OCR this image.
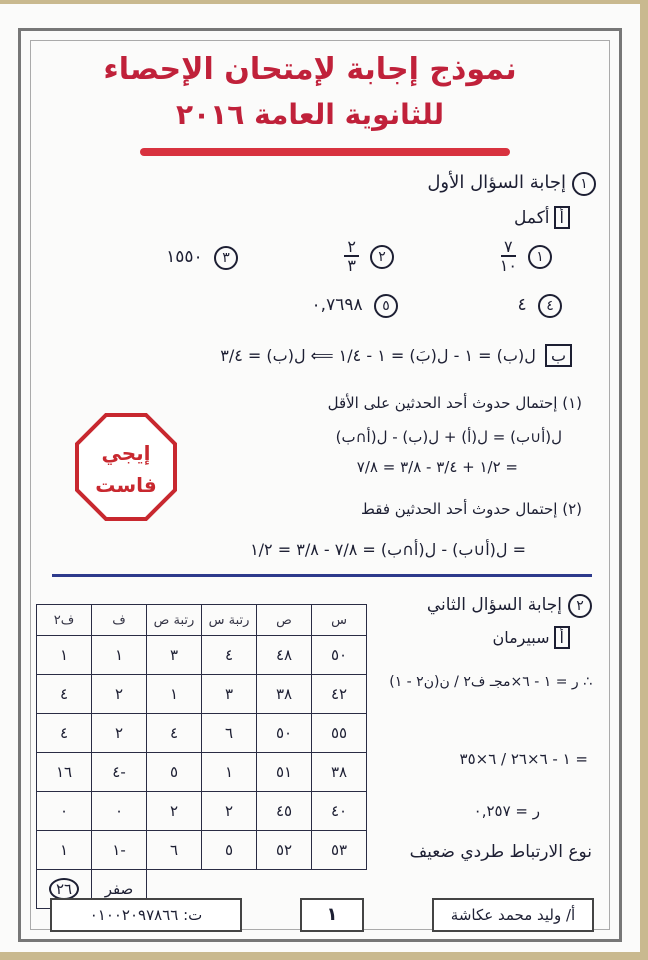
نموذج إجابة لإمتحان الإحصاء
للثانوية العامة ٢٠١٦
١إجابة السؤال الأول
أأكمل
١
$\frac{٧}{١٠}$
٢
$\frac{٢}{٣}$
٣ ١٥٥٠
٤ ٤
٥ ٠,٧٦٩٨
ب ل(ب) = ١ - ل(بَ) = ١ - ١/٤ ⟸ ل(ب) = ٣/٤
(١) إحتمال حدوث أحد الحدثين على الأقل
ل(أ∪ب) = ل(أ) + ل(ب) - ل(أ∩ب)
= ١/٢ + ٣/٤ - ٣/٨ = ٧/٨
(٢) إحتمال حدوث أحد الحدثين فقط
= ل(أ∪ب) - ل(أ∩ب) = ٧/٨ - ٣/٨ = ١/٢
إيجي
فاست
٢إجابة السؤال الثاني
أسبيرمان
∴ ر = ١ - ٦×مجـ ف٢ / ن(ن٢ - ١)
= ١ - ٦×٢٦ / ٦×٣٥
ر = ٠,٢٥٧
نوع الارتباط طردي ضعيف
س	ص	رتبة س	رتبة ص	ف	ف٢
٥٠	٤٨	٤	٣	١	١
٤٢	٣٨	٣	١	٢	٤
٥٥	٥٠	٦	٤	٢	٤
٣٨	٥١	١	٥	-٤	١٦
٤٠	٤٥	٢	٢	٠	٠
٥٣	٥٢	٥	٦	-١	١
				صفر	٢٦
ت: ٠١٠٠٢٠٩٧٨٦٦	١	أ/ وليد محمد عكاشة
